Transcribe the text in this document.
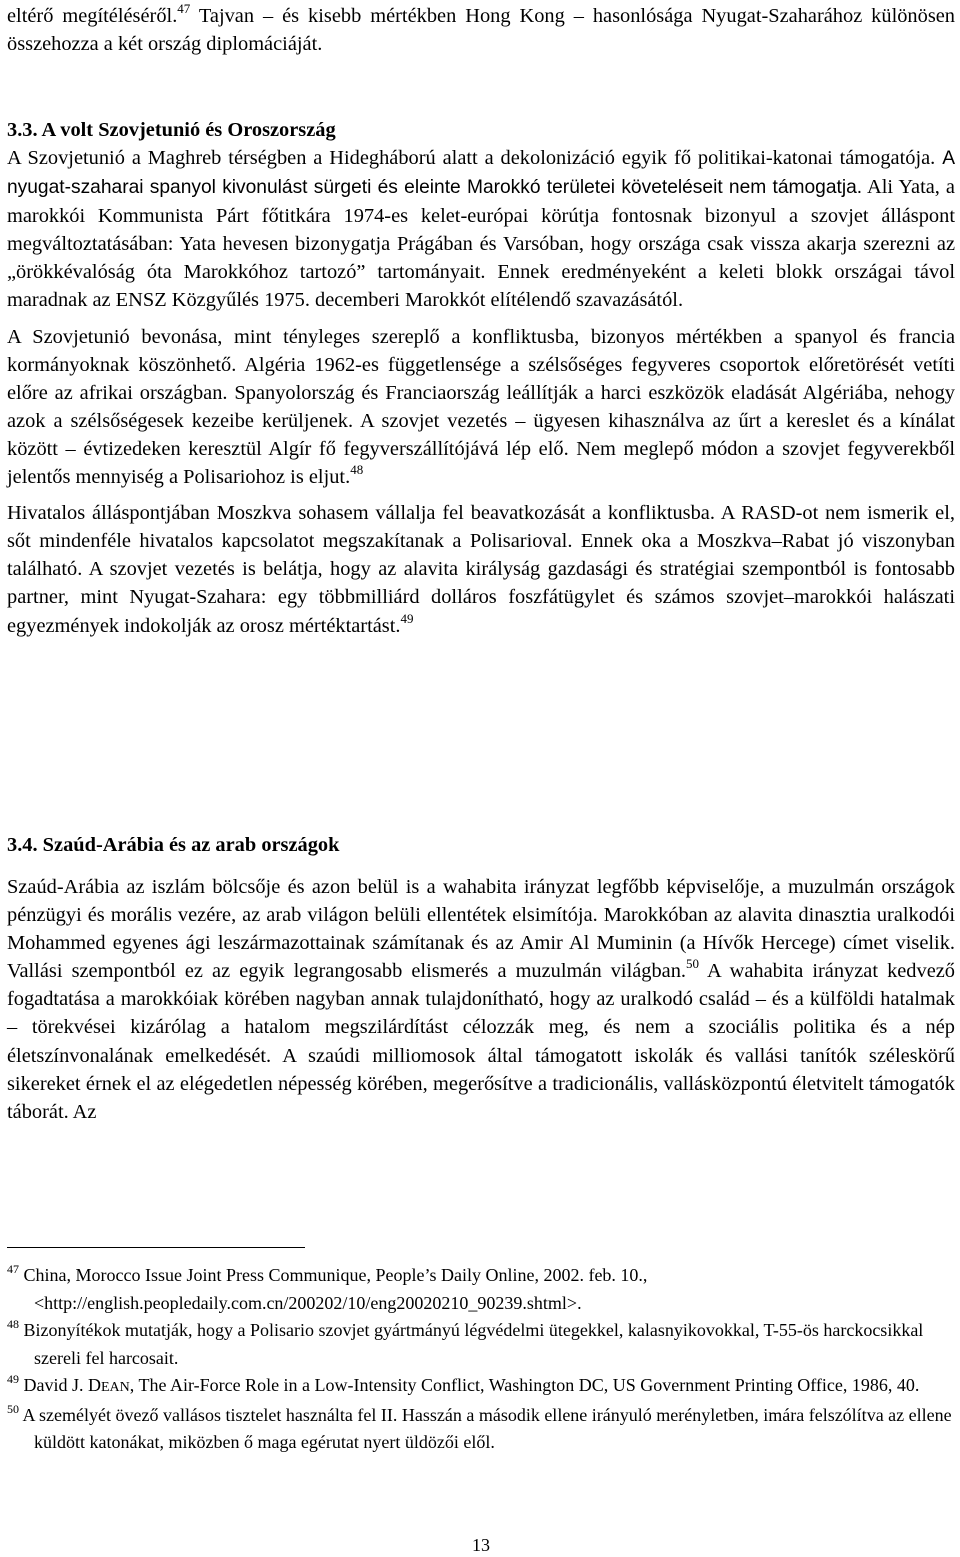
eltérő megítéléséről.$^{47}$ Tajvan – és kisebb mértékben Hong Kong – hasonlósága Nyugat-Szaharához különösen összehozza a két ország diplomáciáját.

3.3. A volt Szovjetunió és Oroszország

A Szovjetunió a Maghreb térségben a Hidegháború alatt a dekolonizáció egyik fő politikai-katonai támogatója. A nyugat-szaharai spanyol kivonulást sürgeti és eleinte Marokkó területei követeléseit nem támogatja. Ali Yata, a marokkói Kommunista Párt főtitkára 1974-es kelet-európai körútja fontosnak bizonyul a szovjet álláspont megváltoztatásában: Yata hevesen bizonygatja Prágában és Varsóban, hogy országa csak vissza akarja szerezni az „örökkévalóság óta Marokkóhoz tartozó” tartományait. Ennek eredményeként a keleti blokk országai távol maradnak az ENSZ Közgyűlés 1975. decemberi Marokkót elítélendő szavazásától.

A Szovjetunió bevonása, mint tényleges szereplő a konfliktusba, bizonyos mértékben a spanyol és francia kormányoknak köszönhető. Algéria 1962-es függetlensége a szélsőséges fegyveres csoportok előretörését vetíti előre az afrikai országban. Spanyolország és Franciaország leállítják a harci eszközök eladását Algériába, nehogy azok a szélsőségesek kezeibe kerüljenek. A szovjet vezetés – ügyesen kihasználva az űrt a kereslet és a kínálat között – évtizedeken keresztül Algír fő fegyverszállítójává lép elő. Nem meglepő módon a szovjet fegyverekből jelentős mennyiség a Polisariohoz is eljut.$^{48}$

Hivatalos álláspontjában Moszkva sohasem vállalja fel beavatkozását a konfliktusba. A RASD-ot nem ismerik el, sőt mindenféle hivatalos kapcsolatot megszakítanak a Polisarioval. Ennek oka a Moszkva–Rabat jó viszonyban található. A szovjet vezetés is belátja, hogy az alavita királyság gazdasági és stratégiai szempontból is fontosabb partner, mint Nyugat-Szahara: egy többmilliárd dolláros foszfátügylet és számos szovjet–marokkói halászati egyezmények indokolják az orosz mértéktartást.$^{49}$

3.4. Szaúd-Arábia és az arab országok

Szaúd-Arábia az iszlám bölcsője és azon belül is a wahabita irányzat legfőbb képviselője, a muzulmán országok pénzügyi és morális vezére, az arab világon belüli ellentétek elsimítója. Marokkóban az alavita dinasztia uralkodói Mohammed egyenes ági leszármazottainak számítanak és az Amir Al Muminin (a Hívők Hercege) címet viselik. Vallási szempontból ez az egyik legrangosabb elismerés a muzulmán világban.$^{50}$ A wahabita irányzat kedvező fogadtatása a marokkóiak körében nagyban annak tulajdonítható, hogy az uralkodó család – és a külföldi hatalmak – törekvései kizárólag a hatalom megszilárdítást célozzák meg, és nem a szociális politika és a nép életszínvonalának emelkedését. A szaúdi milliomosok által támogatott iskolák és vallási tanítók széleskörű sikereket érnek el az elégedetlen népesség körében, megerősítve a tradicionális, vallásközpontú életvitelt támogatók táborát. Az

$^{47}$ China, Morocco Issue Joint Press Communique, People’s Daily Online, 2002. feb. 10., <http://english.peopledaily.com.cn/200202/10/eng20020210_90239.shtml>.

$^{48}$ Bizonyítékok mutatják, hogy a Polisario szovjet gyártmányú légvédelmi ütegekkel, kalasnyikovokkal, T-55-ös harckocsikkal szereli fel harcosait.

$^{49}$ David J. DEAN, The Air-Force Role in a Low-Intensity Conflict, Washington DC, US Government Printing Office, 1986, 40.

$^{50}$ A személyét övező vallásos tisztelet használta fel II. Hasszán a második ellene irányuló merényletben, imára felszólítva az ellene küldött katonákat, miközben ő maga egérutat nyert üldözői elől.

13
